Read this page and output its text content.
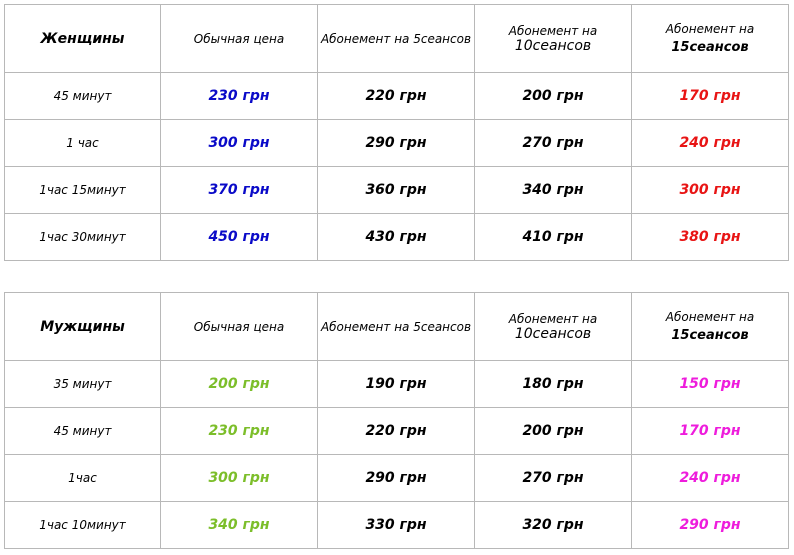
Женщины	Обычная цена	Абонемент на 5сеансов	Абонемент на 10сеансов	Абонемент на
15сеансов

45 минут	230 грн	220 грн	200 грн	170 грн
1 час	300 грн	290 грн	270 грн	240 грн
1час 15минут	370 грн	360 грн	340 грн	300 грн
1час 30минут	450 грн	430 грн	410 грн	380 грн
Мужщины	Обычная цена	Абонемент на 5сеансов	Абонемент на 10сеансов	Абонемент на
15сеансов

35 минут	200 грн	190 грн	180 грн	150 грн
45 минут	230 грн	220 грн	200 грн	170 грн
1час	300 грн	290 грн	270 грн	240 грн
1час 10минут	340 грн	330 грн	320 грн	290 грн
